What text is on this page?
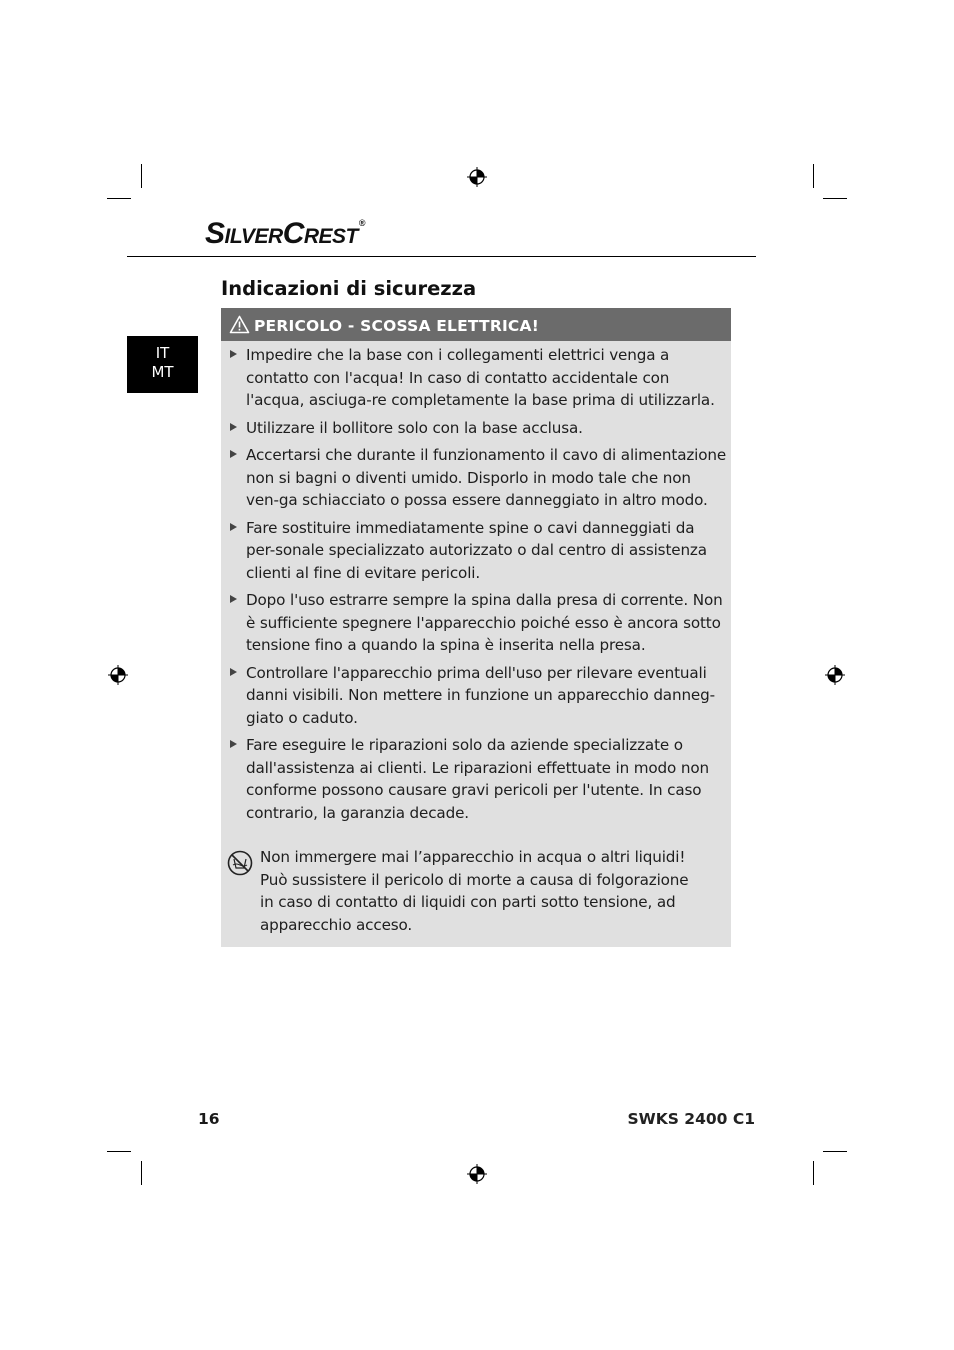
SILVERCREST®
IT
MT
Indicazioni di sicurezza
PERICOLO - SCOSSA ELETTRICA!
Impedire che la base con i collegamenti elettrici venga a contatto con l'acqua! In caso di contatto accidentale con l'acqua, asciuga-re completamente la base prima di utilizzarla.
Utilizzare il bollitore solo con la base acclusa.
Accertarsi che durante il funzionamento il cavo di alimentazione non si bagni o diventi umido. Disporlo in modo tale che non ven-ga schiacciato o possa essere danneggiato in altro modo.
Fare sostituire immediatamente spine o cavi danneggiati da per-sonale specializzato autorizzato o dal centro di assistenza clienti al fine di evitare pericoli.
Dopo l'uso estrarre sempre la spina dalla presa di corrente. Non è sufficiente spegnere l'apparecchio poiché esso è ancora sotto tensione fino a quando la spina è inserita nella presa.
Controllare l'apparecchio prima dell'uso per rilevare eventuali danni visibili. Non mettere in funzione un apparecchio danneg-giato o caduto.
Fare eseguire le riparazioni solo da aziende specializzate o dall'assistenza ai clienti. Le riparazioni effettuate in modo non conforme possono causare gravi pericoli per l'utente. In caso contrario, la garanzia decade.
Non immergere mai l’apparecchio in acqua o altri liquidi! Può sussistere il pericolo di morte a causa di folgorazione in caso di contatto di liquidi con parti sotto tensione, ad apparecchio acceso.
16	SWKS 2400 C1
